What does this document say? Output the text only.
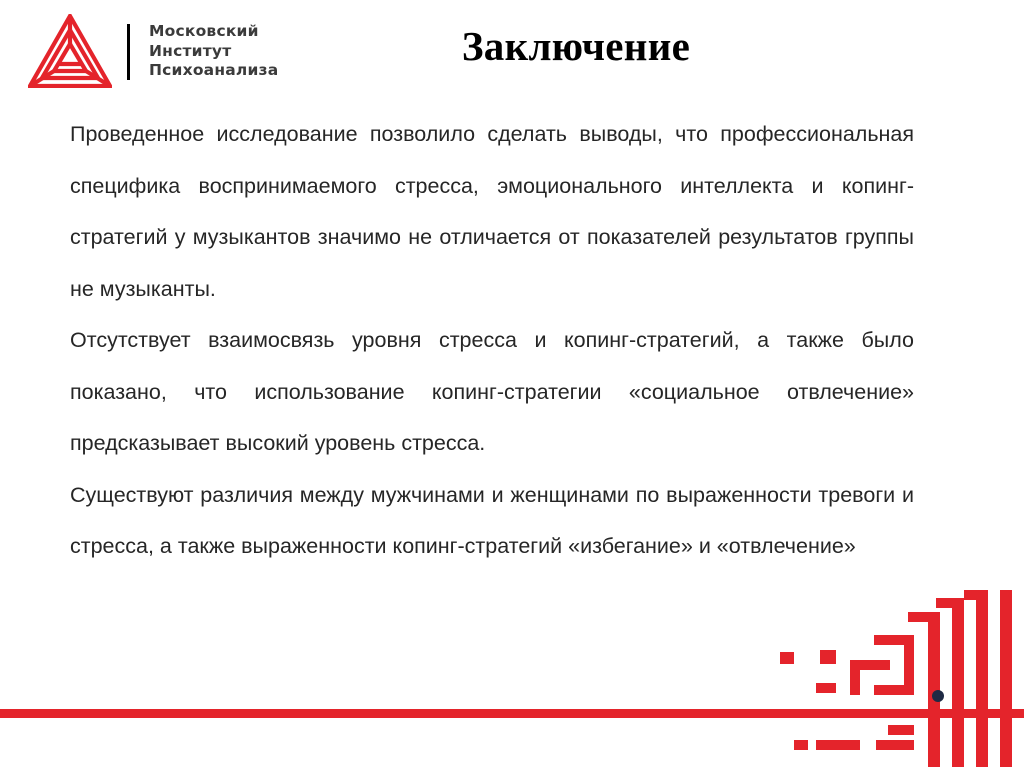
Московский
Институт
Психоанализа
Заключение

Проведенное исследование позволило сделать выводы, что профессиональная специфика воспринимаемого стресса, эмоционального интеллекта и копинг-стратегий у музыкантов значимо не отличается от показателей результатов группы не музыканты.

Отсутствует взаимосвязь уровня стресса и копинг-стратегий, а также было показано, что использование копинг-стратегии «социальное отвлечение» предсказывает высокий уровень стресса.

Существуют различия между мужчинами и женщинами по выраженности тревоги и стресса, а также выраженности копинг-стратегий «избегание» и «отвлечение»
